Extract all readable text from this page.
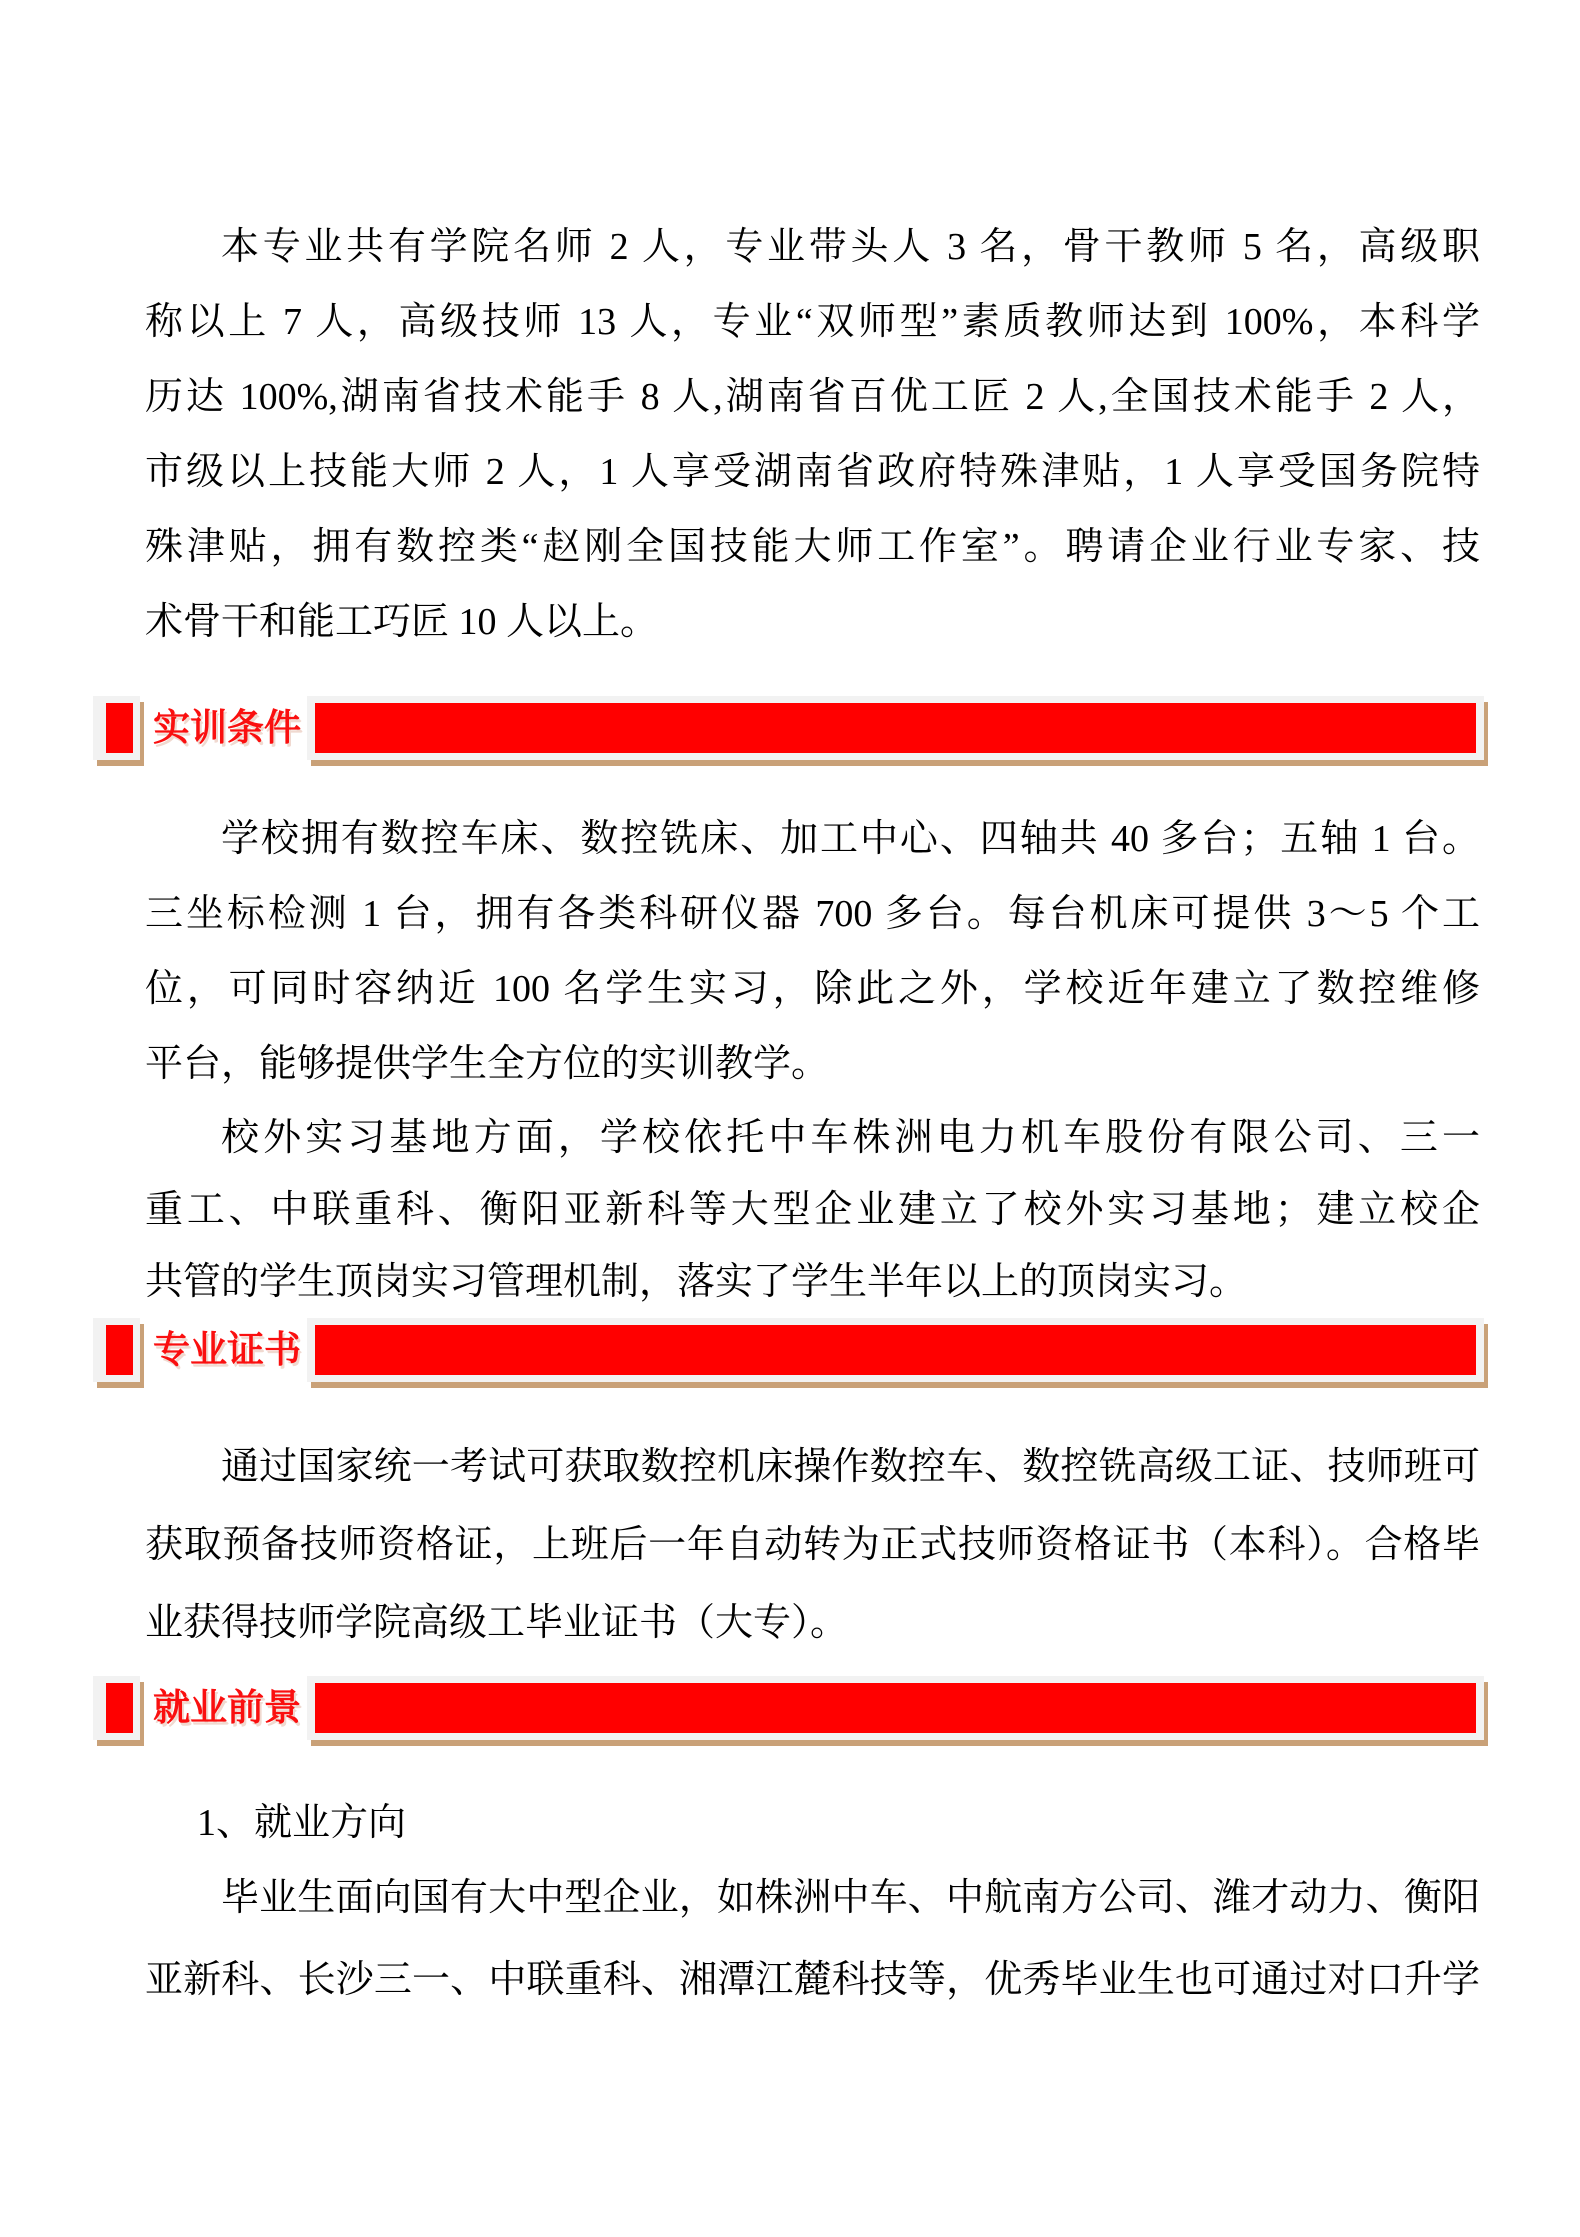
本专业共有学院名师 2 人，专业带头人 3 名，骨干教师 5 名，高级职
称以上 7 人，高级技师 13 人，专业“双师型”素质教师达到 100%，本科学
历达 100%,湖南省技术能手 8 人,湖南省百优工匠 2 人,全国技术能手 2 人，
市级以上技能大师 2 人，1 人享受湖南省政府特殊津贴，1 人享受国务院特
殊津贴，拥有数控类“赵刚全国技能大师工作室”。聘请企业行业专家、技
术骨干和能工巧匠 10 人以上。
实训条件
学校拥有数控车床、数控铣床、加工中心、四轴共 40 多台；五轴 1 台。
三坐标检测 1 台，拥有各类科研仪器 700 多台。每台机床可提供 3～5 个工
位，可同时容纳近 100 名学生实习，除此之外，学校近年建立了数控维修
平台，能够提供学生全方位的实训教学。
校外实习基地方面，学校依托中车株洲电力机车股份有限公司、三一
重工、中联重科、衡阳亚新科等大型企业建立了校外实习基地；建立校企
共管的学生顶岗实习管理机制，落实了学生半年以上的顶岗实习。
专业证书
通过国家统一考试可获取数控机床操作数控车、数控铣高级工证、技师班可
获取预备技师资格证，上班后一年自动转为正式技师资格证书（本科）。合格毕
业获得技师学院高级工毕业证书（大专）。
就业前景
1、就业方向
毕业生面向国有大中型企业，如株洲中车、中航南方公司、潍才动力、衡阳
亚新科、长沙三一、中联重科、湘潭江麓科技等，优秀毕业生也可通过对口升学
